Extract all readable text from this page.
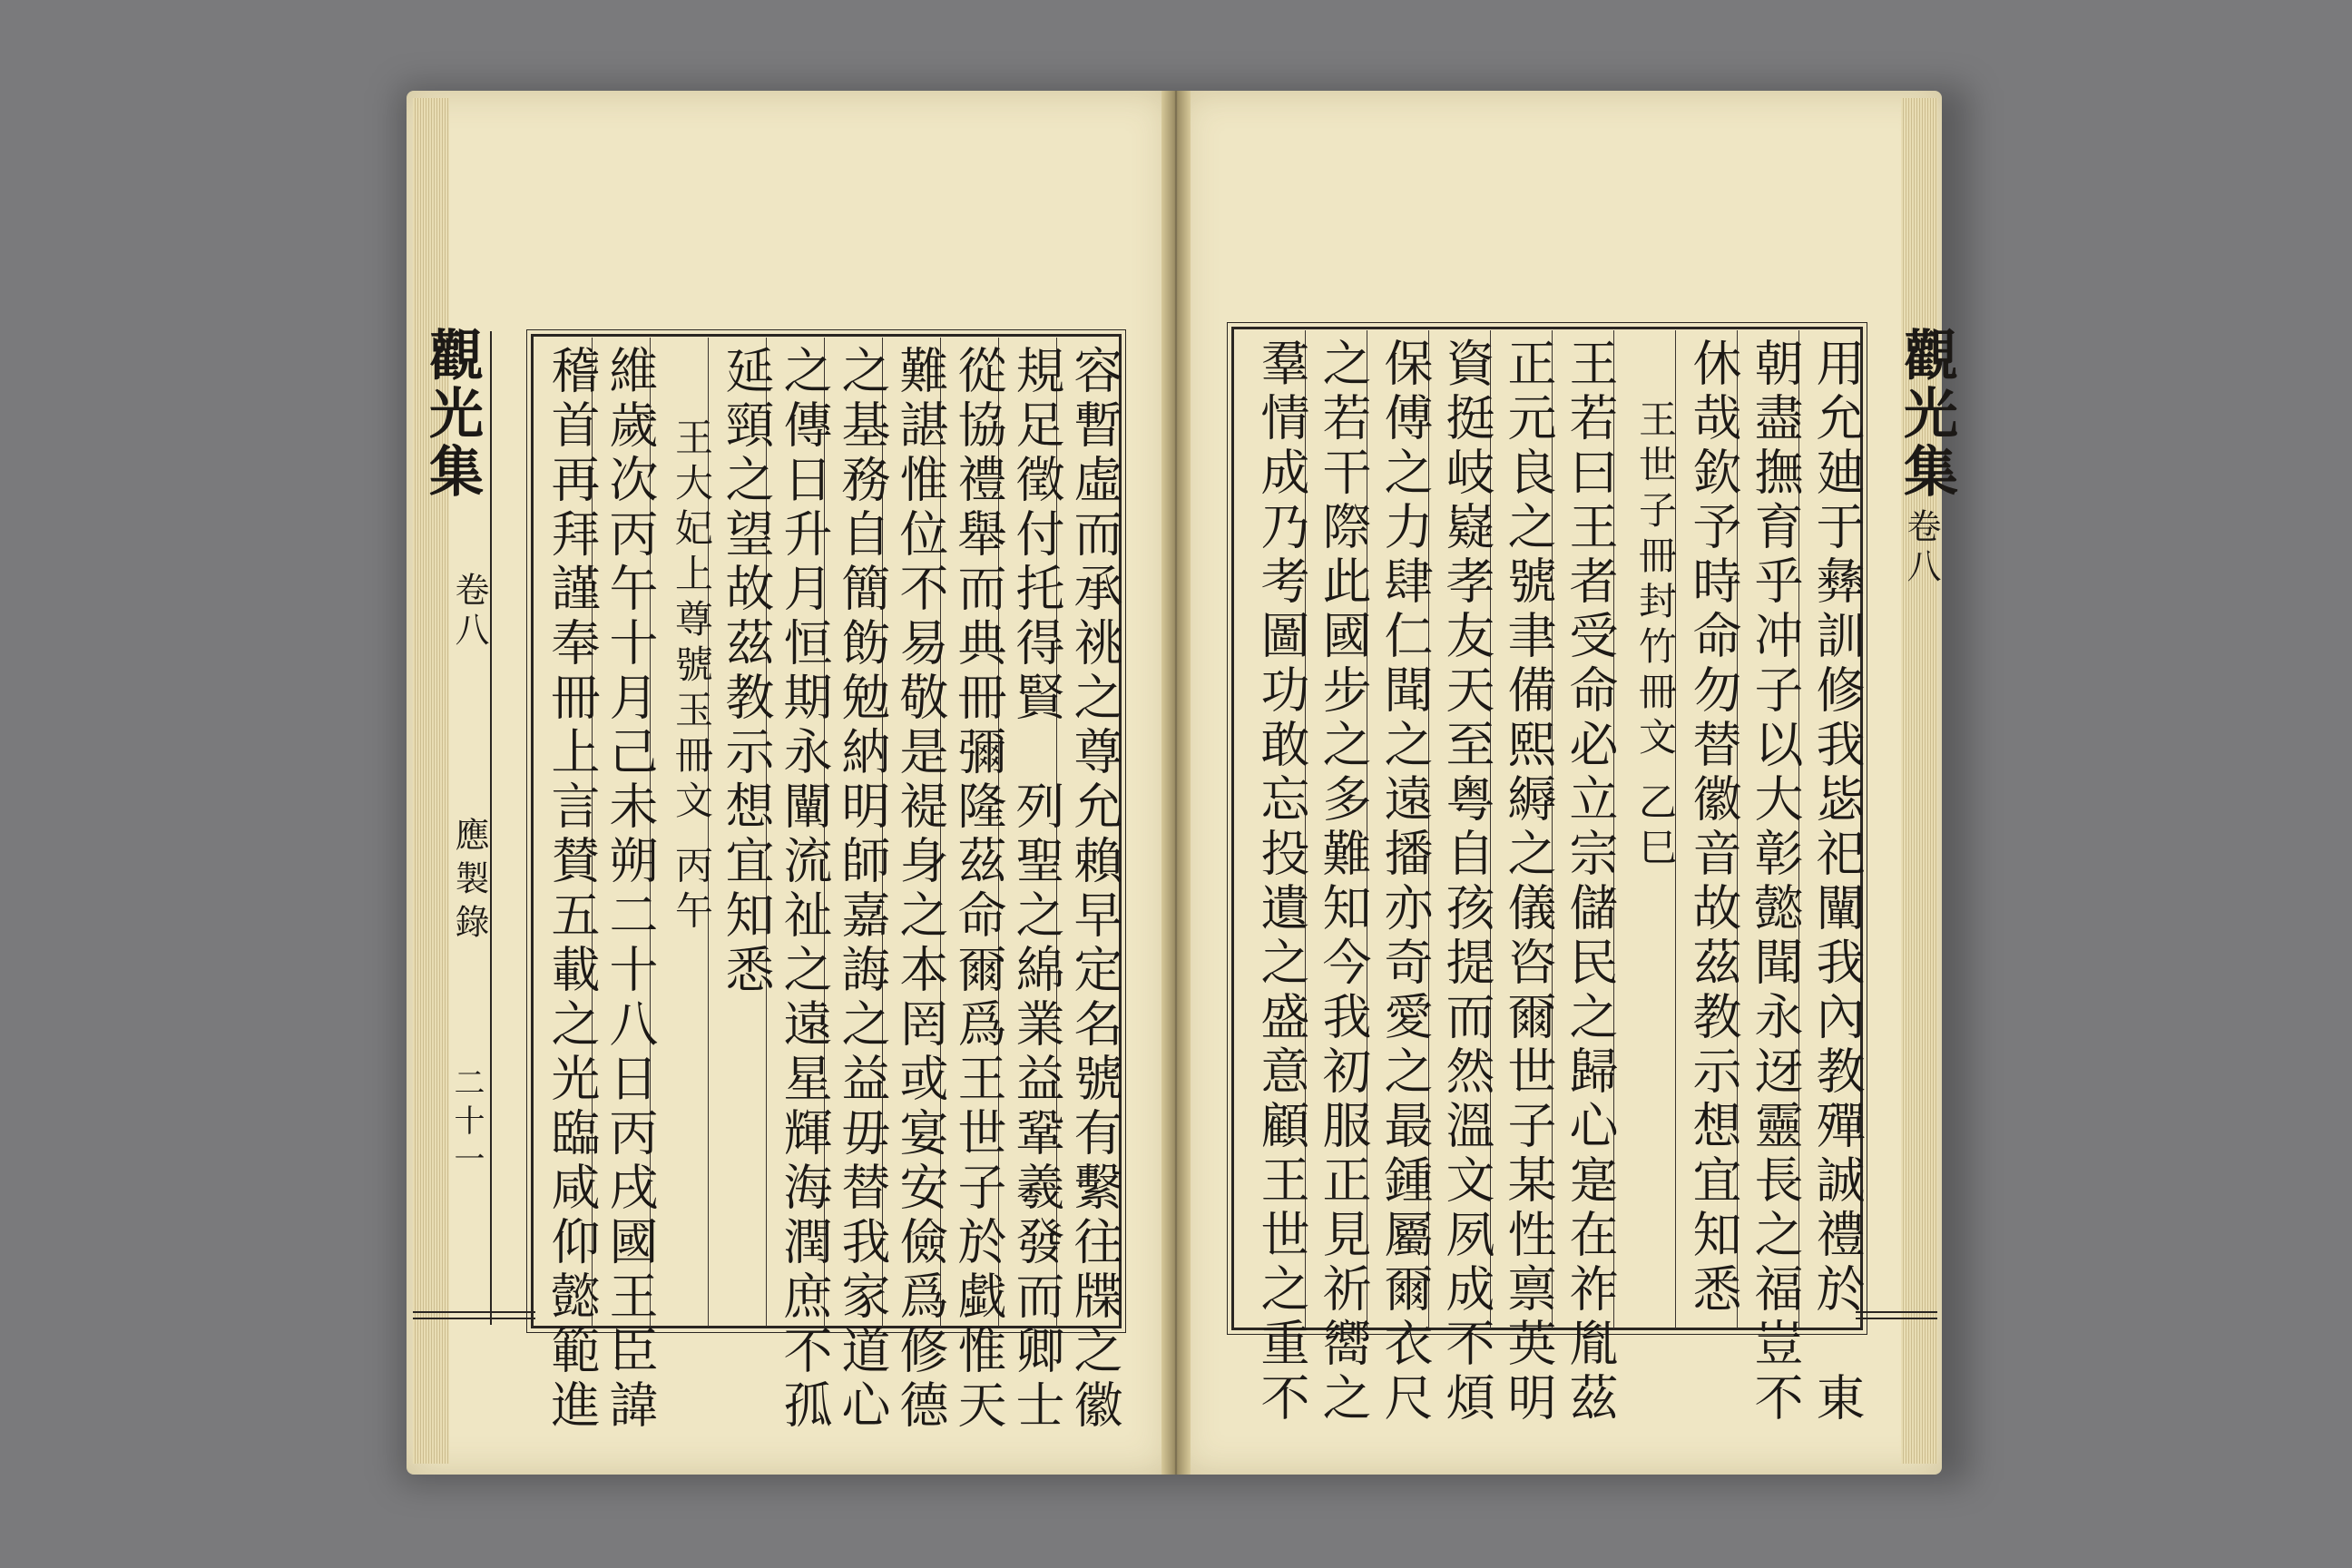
觀光集
卷八
應製錄
二十一
觀光集
卷八
容暫虛而承祧之尊允賴早定名號有繫往牒之徽
規足徵付托得賢　列聖之綿業益鞏羲發而卿士
從協禮舉而典冊彌隆茲命爾爲王世子於戱惟天
難諶惟位不易敬是褆身之本罔或宴安儉爲修德
之基務自簡飭勉納明師嘉誨之益毋替我家道心
之傳日升月恒期永闡流祉之遠星輝海潤庶不孤
延頸之望故茲教示想宜知悉
王大妃上尊號玉冊文 丙午
維歲次丙午十月己未朔二十八日丙戌國王臣諱
稽首再拜謹奉冊上言賛五載之光臨咸仰懿範進	用允廸于彝訓修我毖祀闡我內教殫誠禮於　東
朝盡撫育乎冲子以大彰懿聞永迓靈長之福豈不
休哉欽予時命勿替徽音故茲教示想宜知悉
王世子冊封竹冊文 乙巳
王若曰王者受命必立宗儲民之歸心寔在祚胤茲
正元良之號聿備熙縟之儀咨爾世子某性禀英明
資挺岐嶷孝友天至粤自孩提而然溫文夙成不煩
保傅之力肆仁聞之遠播亦奇愛之最鍾屬爾衣尺
之若干際此國步之多難知今我初服正見祈嚮之
羣情成乃考圖功敢忘投遺之盛意顧王世之重不
